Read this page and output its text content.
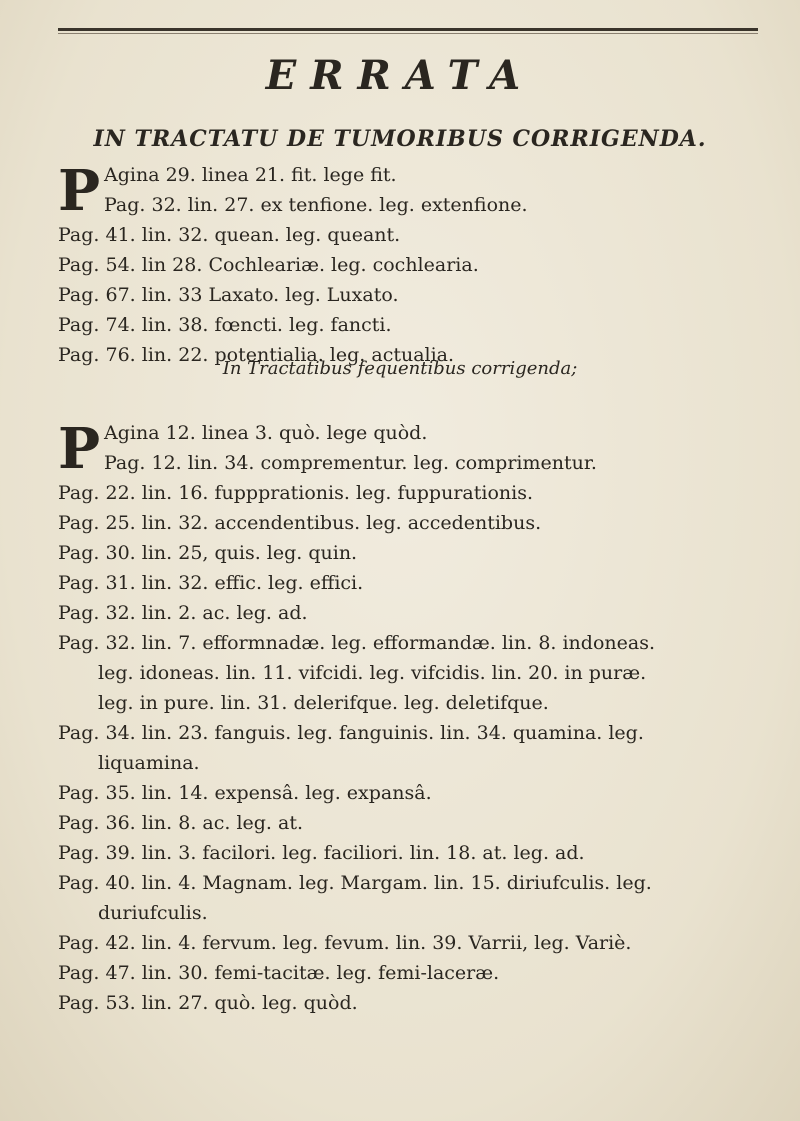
ERRATA
IN TRACTATU DE TUMORIBUS CORRIGENDA.
P Agina 29. linea 21. fit. lege fit.
Pag. 32. lin. 27. ex tenfione. leg. extenfione.
Pag. 41. lin. 32. quean. leg. queant.
Pag. 54. lin 28. Cochleariæ. leg. cochlearia.
Pag. 67. lin. 33 Laxato. leg. Luxato.
Pag. 74. lin. 38. fœncti. leg. fancti.
Pag. 76. lin. 22. potentialia. leg. actualia.
In Tractatibus fequentibus corrigenda;
P Agina 12. linea 3. quò. lege quòd.
Pag. 12. lin. 34. comprementur. leg. comprimentur.
Pag. 22. lin. 16. fuppprationis. leg. fuppurationis.
Pag. 25. lin. 32. accendentibus. leg. accedentibus.
Pag. 30. lin. 25, quis. leg. quin.
Pag. 31. lin. 32. effic. leg. effici.
Pag. 32. lin. 2. ac. leg. ad.
Pag. 32. lin. 7. efformnadæ. leg. efformandæ. lin. 8. indoneas.
leg. idoneas. lin. 11. vifcidi. leg. vifcidis. lin. 20. in puræ.
leg. in pure. lin. 31. delerifque. leg. deletifque.
Pag. 34. lin. 23. fanguis. leg. fanguinis. lin. 34. quamina. leg.
liquamina.
Pag. 35. lin. 14. expensâ. leg. expansâ.
Pag. 36. lin. 8. ac. leg. at.
Pag. 39. lin. 3. facilori. leg. faciliori. lin. 18. at. leg. ad.
Pag. 40. lin. 4. Magnam. leg. Margam. lin. 15. diriufculis. leg.
duriufculis.
Pag. 42. lin. 4. fervum. leg. fevum. lin. 39. Varrii, leg. Variè.
Pag. 47. lin. 30. femi-tacitæ. leg. femi-laceræ.
Pag. 53. lin. 27. quò. leg. quòd.
